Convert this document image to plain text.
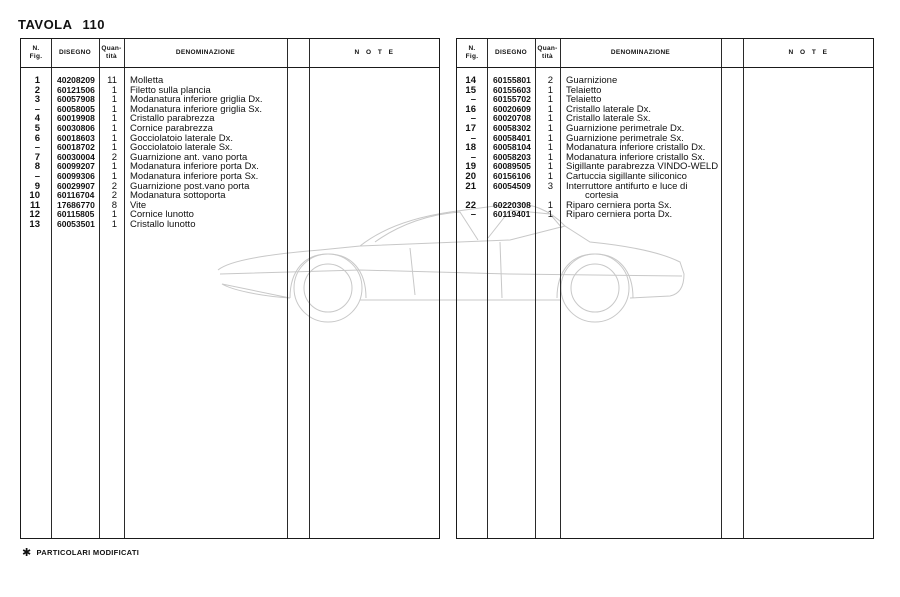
TAVOLA 110
N.
Fig.
DISEGNO
Quan-
tità
DENOMINAZIONE	N O T E
1 40208209	11 Molletta
2 60121506	1 Filetto sulla plancia
3 60057908	1 Modanatura inferiore griglia Dx.
– 60058005	1 Modanatura inferiore griglia Sx.
4 60019908	1 Cristallo parabrezza
5 60030806	1 Cornice parabrezza
6 60018603	1 Gocciolatoio laterale Dx.
– 60018702	1 Gocciolatoio laterale Sx.
7 60030004	2 Guarnizione ant. vano porta
8 60099207	1 Modanatura inferiore porta Dx.
– 60099306	1 Modanatura inferiore porta Sx.
9 60029907	2 Guarnizione post.vano porta
10 60116704	2 Modanatura sottoporta
11 17686770	8 Vite
12 60115805	1 Cornice lunotto
13 60053501	1 Cristallo lunotto
N.
Fig.
DISEGNO
Quan-
tità
DENOMINAZIONE	N O T E
14 60155801	2 Guarnizione
15 60155603	1 Telaietto
– 60155702	1 Telaietto
16 60020609	1 Cristallo laterale Dx.
– 60020708	1 Cristallo laterale Sx.
17 60058302	1 Guarnizione perimetrale Dx.
– 60058401	1 Guarnizione perimetrale Sx.
18 60058104	1 Modanatura inferiore cristallo Dx.
– 60058203	1 Modanatura inferiore cristallo Sx.
19 60089505	1 Sigillante parabrezza VINDO-WELD
20 60156106	1 Cartuccia sigillante siliconico
21 60054509	3 Interruttore antifurto e luce di
cortesia
22 60220308	1 Riparo cerniera porta Sx.
– 60119401	1 Riparo cerniera porta Dx.
✱ PARTICOLARI MODIFICATI
